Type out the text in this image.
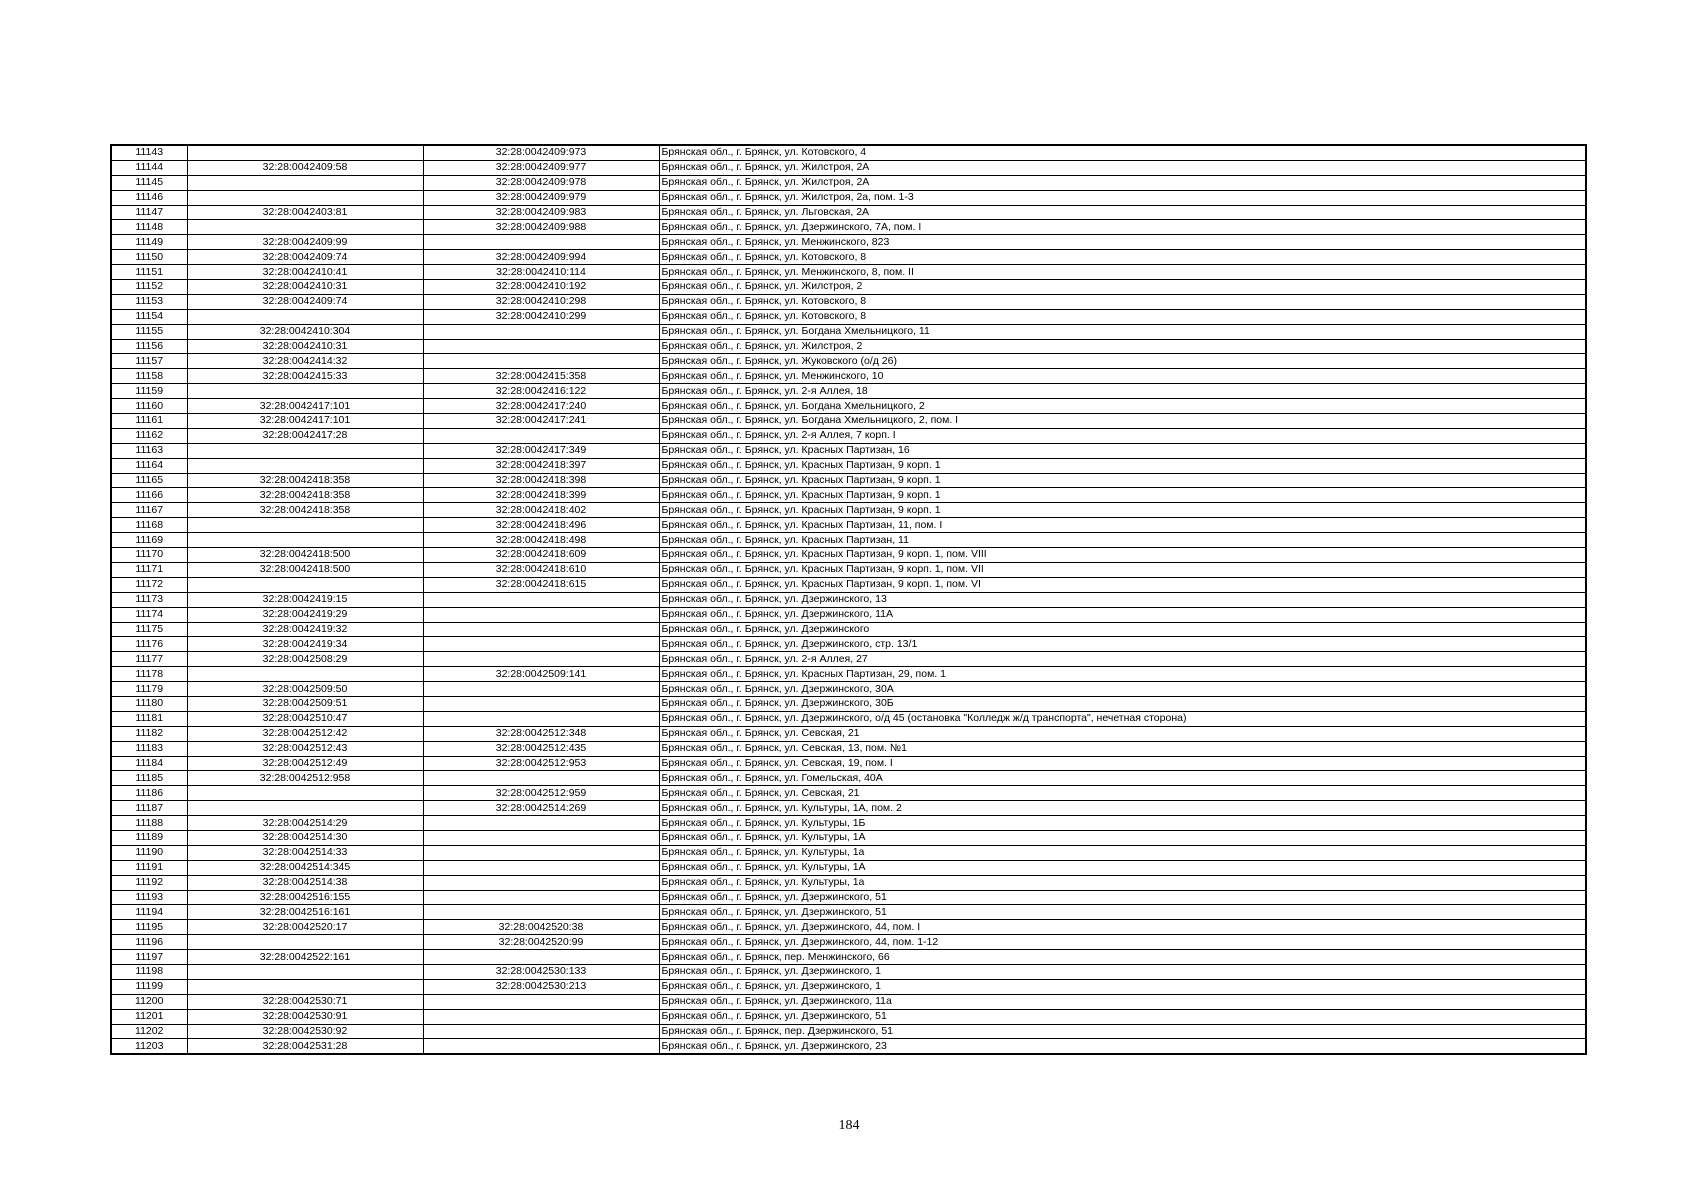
11143		32:28:0042409:973	Брянская обл., г. Брянск, ул. Котовского, 4
11144	32:28:0042409:58	32:28:0042409:977	Брянская обл., г. Брянск, ул. Жилстроя, 2А
11145		32:28:0042409:978	Брянская обл., г. Брянск, ул. Жилстроя, 2А
11146		32:28:0042409:979	Брянская обл., г. Брянск, ул. Жилстроя, 2а, пом. 1-3
11147	32:28:0042403:81	32:28:0042409:983	Брянская обл., г. Брянск, ул. Льговская, 2А
11148		32:28:0042409:988	Брянская обл., г. Брянск, ул. Дзержинского, 7А, пом. I
11149	32:28:0042409:99		Брянская обл., г. Брянск, ул. Менжинского, 823
11150	32:28:0042409:74	32:28:0042409:994	Брянская обл., г. Брянск, ул. Котовского, 8
11151	32:28:0042410:41	32:28:0042410:114	Брянская обл., г. Брянск, ул. Менжинского, 8, пом. II
11152	32:28:0042410:31	32:28:0042410:192	Брянская обл., г. Брянск, ул. Жилстроя, 2
11153	32:28:0042409:74	32:28:0042410:298	Брянская обл., г. Брянск, ул. Котовского, 8
11154		32:28:0042410:299	Брянская обл., г. Брянск, ул. Котовского, 8
11155	32:28:0042410:304		Брянская обл., г. Брянск, ул. Богдана Хмельницкого, 11
11156	32:28:0042410:31		Брянская обл., г. Брянск, ул. Жилстроя, 2
11157	32:28:0042414:32		Брянская обл., г. Брянск, ул. Жуковского (о/д 26)
11158	32:28:0042415:33	32:28:0042415:358	Брянская обл., г. Брянск, ул. Менжинского, 10
11159		32:28:0042416:122	Брянская обл., г. Брянск, ул. 2-я Аллея, 18
11160	32:28:0042417:101	32:28:0042417:240	Брянская обл., г. Брянск, ул. Богдана Хмельницкого, 2
11161	32:28:0042417:101	32:28:0042417:241	Брянская обл., г. Брянск, ул. Богдана Хмельницкого, 2, пом. I
11162	32:28:0042417:28		Брянская обл., г. Брянск, ул. 2-я Аллея, 7 корп. I
11163		32:28:0042417:349	Брянская обл., г. Брянск, ул. Красных Партизан, 16
11164		32:28:0042418:397	Брянская обл., г. Брянск, ул. Красных Партизан, 9 корп. 1
11165	32:28:0042418:358	32:28:0042418:398	Брянская обл., г. Брянск, ул. Красных Партизан, 9 корп. 1
11166	32:28:0042418:358	32:28:0042418:399	Брянская обл., г. Брянск, ул. Красных Партизан, 9 корп. 1
11167	32:28:0042418:358	32:28:0042418:402	Брянская обл., г. Брянск, ул. Красных Партизан, 9 корп. 1
11168		32:28:0042418:496	Брянская обл., г. Брянск, ул. Красных Партизан, 11, пом. I
11169		32:28:0042418:498	Брянская обл., г. Брянск, ул. Красных Партизан, 11
11170	32:28:0042418:500	32:28:0042418:609	Брянская обл., г. Брянск, ул. Красных Партизан, 9 корп. 1, пом. VIII
11171	32:28:0042418:500	32:28:0042418:610	Брянская обл., г. Брянск, ул. Красных Партизан, 9 корп. 1, пом. VII
11172		32:28:0042418:615	Брянская обл., г. Брянск, ул. Красных Партизан, 9 корп. 1, пом. VI
11173	32:28:0042419:15		Брянская обл., г. Брянск, ул. Дзержинского, 13
11174	32:28:0042419:29		Брянская обл., г. Брянск, ул. Дзержинского, 11А
11175	32:28:0042419:32		Брянская обл., г. Брянск, ул. Дзержинского
11176	32:28:0042419:34		Брянская обл., г. Брянск, ул. Дзержинского, стр. 13/1
11177	32:28:0042508:29		Брянская обл., г. Брянск, ул. 2-я Аллея, 27
11178		32:28:0042509:141	Брянская обл., г. Брянск, ул. Красных Партизан, 29, пом. 1
11179	32:28:0042509:50		Брянская обл., г. Брянск, ул. Дзержинского, 30А
11180	32:28:0042509:51		Брянская обл., г. Брянск, ул. Дзержинского, 30Б
11181	32:28:0042510:47		Брянская обл., г. Брянск, ул. Дзержинского, о/д 45 (остановка "Колледж ж/д транспорта", нечетная сторона)
11182	32:28:0042512:42	32:28:0042512:348	Брянская обл., г. Брянск, ул. Севская, 21
11183	32:28:0042512:43	32:28:0042512:435	Брянская обл., г. Брянск, ул. Севская, 13, пом. №1
11184	32:28:0042512:49	32:28:0042512:953	Брянская обл., г. Брянск, ул. Севская, 19, пом. I
11185	32:28:0042512:958		Брянская обл., г. Брянск, ул. Гомельская, 40А
11186		32:28:0042512:959	Брянская обл., г. Брянск, ул. Севская, 21
11187		32:28:0042514:269	Брянская обл., г. Брянск, ул. Культуры, 1А, пом. 2
11188	32:28:0042514:29		Брянская обл., г. Брянск, ул. Культуры, 1Б
11189	32:28:0042514:30		Брянская обл., г. Брянск, ул. Культуры, 1А
11190	32:28:0042514:33		Брянская обл., г. Брянск, ул. Культуры, 1а
11191	32:28:0042514:345		Брянская обл., г. Брянск, ул. Культуры, 1А
11192	32:28:0042514:38		Брянская обл., г. Брянск, ул. Культуры, 1а
11193	32:28:0042516:155		Брянская обл., г. Брянск, ул. Дзержинского, 51
11194	32:28:0042516:161		Брянская обл., г. Брянск, ул. Дзержинского, 51
11195	32:28:0042520:17	32:28:0042520:38	Брянская обл., г. Брянск, ул. Дзержинского, 44, пом. I
11196		32:28:0042520:99	Брянская обл., г. Брянск, ул. Дзержинского, 44, пом. 1-12
11197	32:28:0042522:161		Брянская обл., г. Брянск, пер. Менжинского, 66
11198		32:28:0042530:133	Брянская обл., г. Брянск, ул. Дзержинского, 1
11199		32:28:0042530:213	Брянская обл., г. Брянск, ул. Дзержинского, 1
11200	32:28:0042530:71		Брянская обл., г. Брянск, ул. Дзержинского, 11а
11201	32:28:0042530:91		Брянская обл., г. Брянск, ул. Дзержинского, 51
11202	32:28:0042530:92		Брянская обл., г. Брянск, пер. Дзержинского, 51
11203	32:28:0042531:28		Брянская обл., г. Брянск, ул. Дзержинского, 23
184
